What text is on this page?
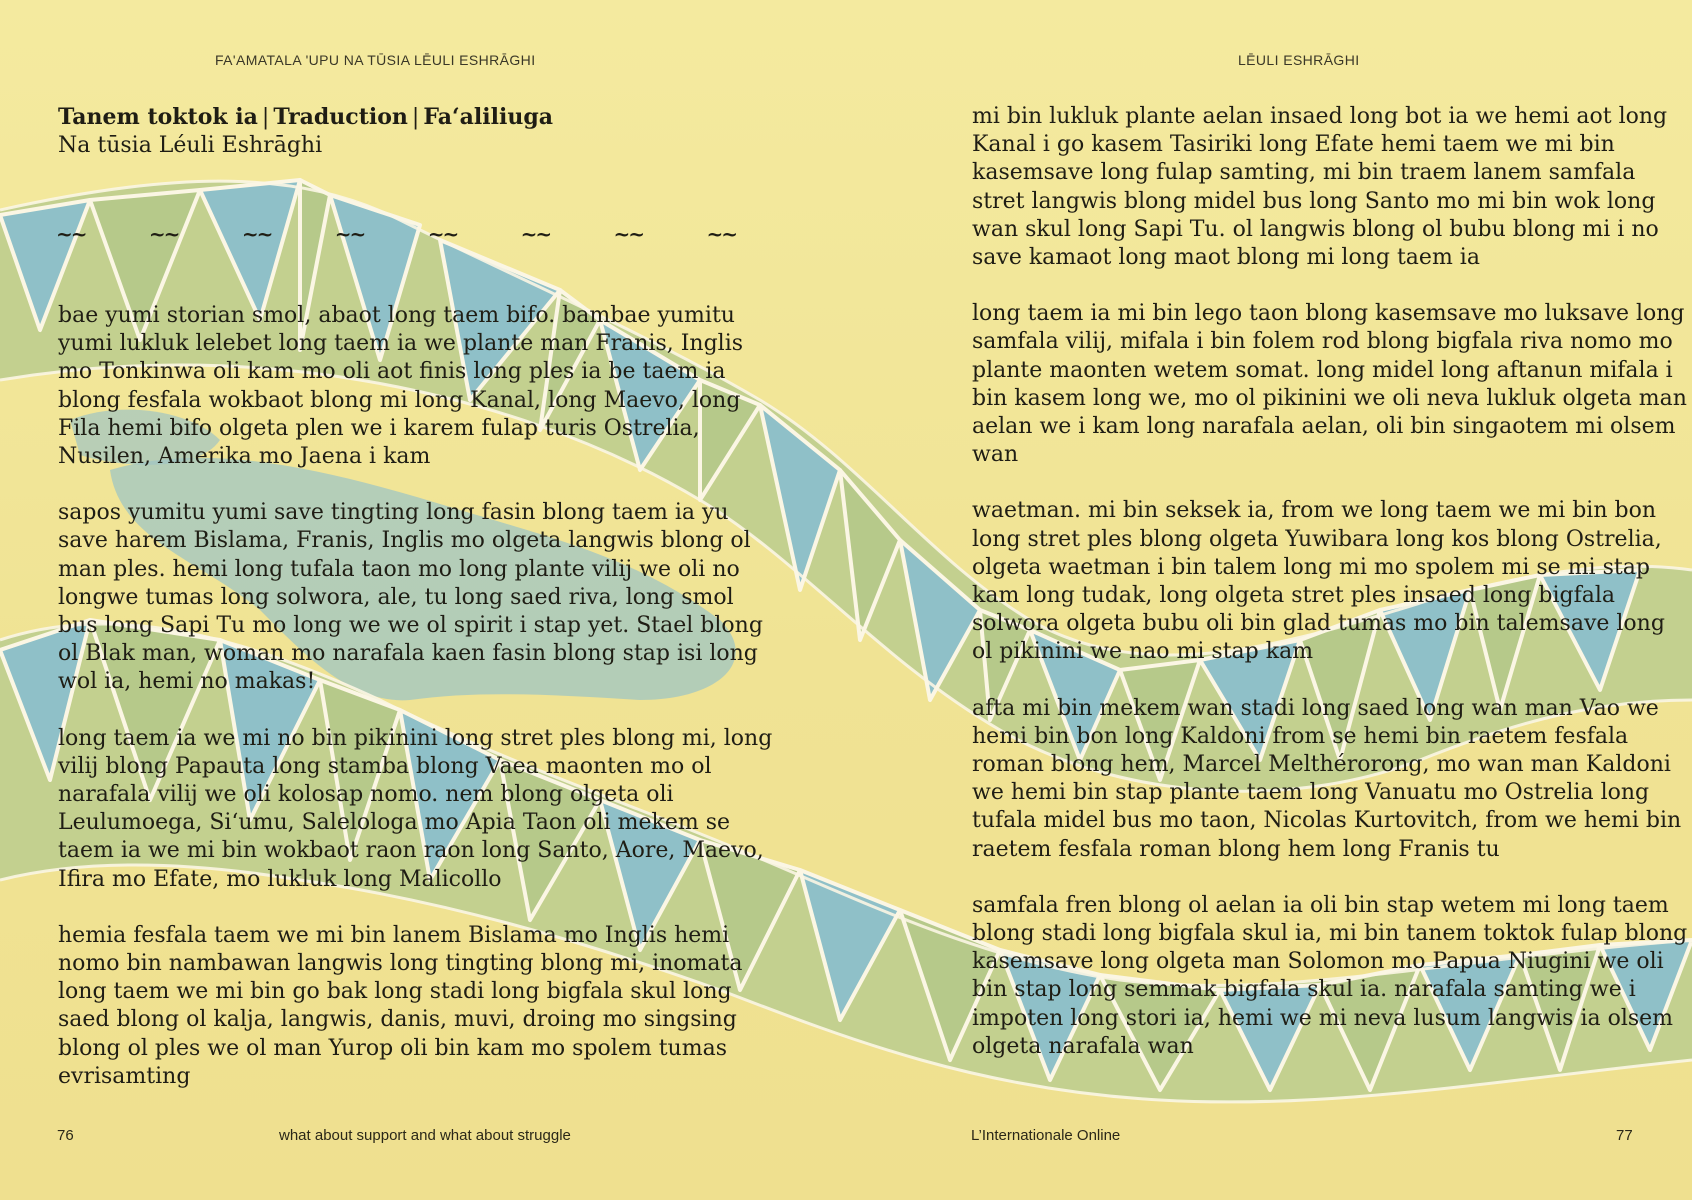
FA'AMATALA 'UPU NA TŪSIA LĒULI ESHRĀGHI
Tanem toktok ia | Traduction | Faʻaliliuga
Na tūsia Léuli Eshrāghi
~~	~~	~~	~~	~~	~~	~~	~~

bae yumi storian smol, abaot long taem bifo. bambae yumitu yumi lukluk lelebet long taem ia we plante man Franis, Inglis mo Tonkinwa oli kam mo oli aot finis long ples ia be taem ia blong fesfala wokbaot blong mi long Kanal, long Maevo, long Fila hemi bifo olgeta plen we i karem fulap turis Ostrelia, Nusilen, Amerika mo Jaena i kam

sapos yumitu yumi save tingting long fasin blong taem ia yu save harem Bislama, Franis, Inglis mo olgeta langwis blong ol man ples. hemi long tufala taon mo long plante vilij we oli no longwe tumas long solwora, ale, tu long saed riva, long smol bus long Sapi Tu mo long we we ol spirit i stap yet. Stael blong ol Blak man, woman mo narafala kaen fasin blong stap isi long wol ia, hemi no makas!

long taem ia we mi no bin pikinini long stret ples blong mi, long vilij blong Papauta long stamba blong Vaea maonten mo ol narafala vilij we oli kolosap nomo. nem blong olgeta oli Leulumoega, Siʻumu, Salelologa mo Apia Taon oli mekem se taem ia we mi bin wokbaot raon raon long Santo, Aore, Maevo, Ifira mo Efate, mo lukluk long Malicollo

hemia fesfala taem we mi bin lanem Bislama mo Inglis hemi nomo bin nambawan langwis long tingting blong mi, inomata long taem we mi bin go bak long stadi long bigfala skul long saed blong ol kalja, langwis, danis, muvi, droing mo singsing blong ol ples we ol man Yurop oli bin kam mo spolem tumas evrisamting

76	what about support and what about struggle
LĒULI ESHRĀGHI

mi bin lukluk plante aelan insaed long bot ia we hemi aot long Kanal i go kasem Tasiriki long Efate hemi taem we mi bin kasemsave long fulap samting, mi bin traem lanem samfala stret langwis blong midel bus long Santo mo mi bin wok long wan skul long Sapi Tu. ol langwis blong ol bubu blong mi i no save kamaot long maot blong mi long taem ia

long taem ia mi bin lego taon blong kasemsave mo luksave long samfala vilij, mifala i bin folem rod blong bigfala riva nomo mo plante maonten wetem somat. long midel long aftanun mifala i bin kasem long we, mo ol pikinini we oli neva lukluk olgeta man aelan we i kam long narafala aelan, oli bin singaotem mi olsem wan

waetman. mi bin seksek ia, from we long taem we mi bin bon long stret ples blong olgeta Yuwibara long kos blong Ostrelia, olgeta waetman i bin talem long mi mo spolem mi se mi stap kam long tudak, long olgeta stret ples insaed long bigfala solwora olgeta bubu oli bin glad tumas mo bin talemsave long ol pikinini we nao mi stap kam

afta mi bin mekem wan stadi long saed long wan man Vao we hemi bin bon long Kaldoni from se hemi bin raetem fesfala roman blong hem, Marcel Melthérorong, mo wan man Kaldoni we hemi bin stap plante taem long Vanuatu mo Ostrelia long tufala midel bus mo taon, Nicolas Kurtovitch, from we hemi bin raetem fesfala roman blong hem long Franis tu

samfala fren blong ol aelan ia oli bin stap wetem mi long taem blong stadi long bigfala skul ia, mi bin tanem toktok fulap blong kasemsave long olgeta man Solomon mo Papua Niugini we oli bin stap long semmak bigfala skul ia. narafala samting we i impoten long stori ia, hemi we mi neva lusum langwis ia olsem olgeta narafala wan

L’Internationale Online	77
